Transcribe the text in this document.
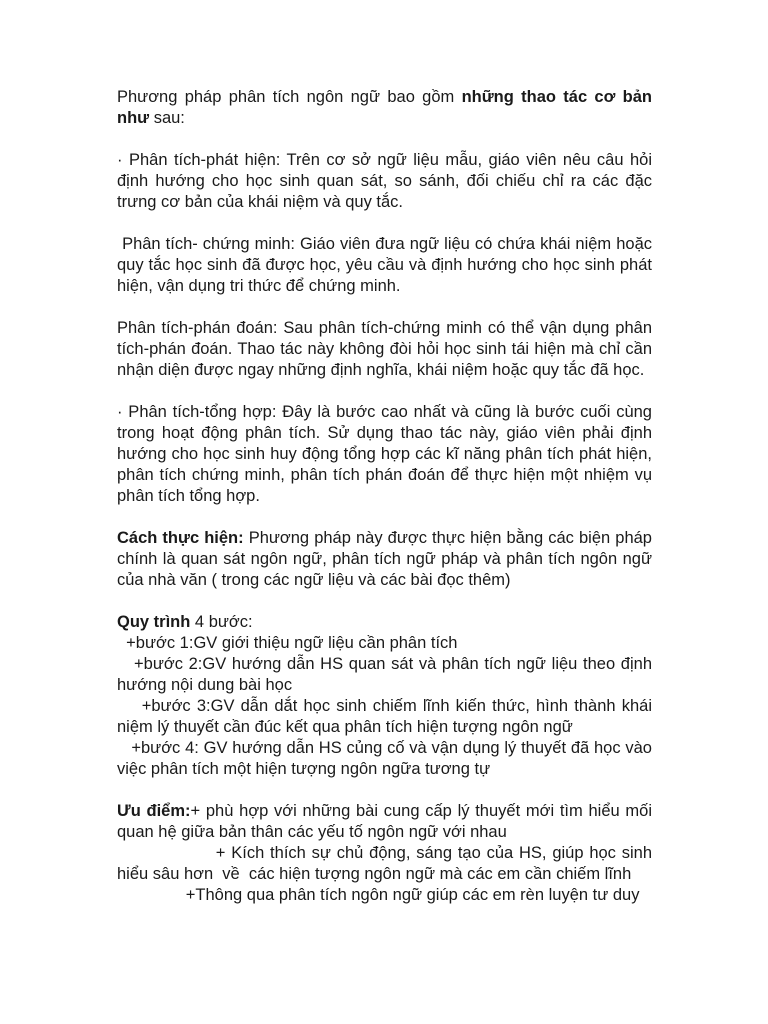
Phương pháp phân tích ngôn ngữ bao gồm những thao tác cơ bản như sau:

· Phân tích-phát hiện: Trên cơ sở ngữ liệu mẫu, giáo viên nêu câu hỏi định hướng cho học sinh quan sát, so sánh, đối chiếu chỉ ra các đặc trưng cơ bản của khái niệm và quy tắc.

Phân tích- chứng minh: Giáo viên đưa ngữ liệu có chứa khái niệm hoặc quy tắc học sinh đã được học, yêu cầu và định hướng cho học sinh phát hiện, vận dụng tri thức để chứng minh.

Phân tích-phán đoán: Sau phân tích-chứng minh có thể vận dụng phân tích-phán đoán. Thao tác này không đòi hỏi học sinh tái hiện mà chỉ cần nhận diện được ngay những định nghĩa, khái niệm hoặc quy tắc đã học.

· Phân tích-tổng hợp: Đây là bước cao nhất và cũng là bước cuối cùng trong hoạt động phân tích. Sử dụng thao tác này, giáo viên phải định hướng cho học sinh huy động tổng hợp các kĩ năng phân tích phát hiện, phân tích chứng minh, phân tích phán đoán để thực hiện một nhiệm vụ phân tích tổng hợp.

Cách thực hiện: Phương pháp này được thực hiện bằng các biện pháp chính là quan sát ngôn ngữ, phân tích ngữ pháp và phân tích ngôn ngữ của nhà văn ( trong các ngữ liệu và các bài đọc thêm)

Quy trình 4 bước:

+bước 1:GV giới thiệu ngữ liệu cần phân tích

+bước 2:GV hướng dẫn HS quan sát và phân tích ngữ liệu theo định hướng nội dung bài học

+bước 3:GV dẫn dắt học sinh chiếm lĩnh kiến thức, hình thành khái niệm lý thuyết cần đúc kết qua phân tích hiện tượng ngôn ngữ

+bước 4: GV hướng dẫn HS củng cố và vận dụng lý thuyết đã học vào việc phân tích một hiện tượng ngôn ngữa tương tự

Ưu điểm:+ phù hợp với những bài cung cấp lý thuyết mới tìm hiểu mối quan hệ giữa bản thân các yếu tố ngôn ngữ với nhau

+ Kích thích sự chủ động, sáng tạo của HS, giúp học sinh hiểu sâu hơn  về  các hiện tượng ngôn ngữ mà các em cần chiếm lĩnh

+Thông qua phân tích ngôn ngữ giúp các em rèn luyện tư duy
